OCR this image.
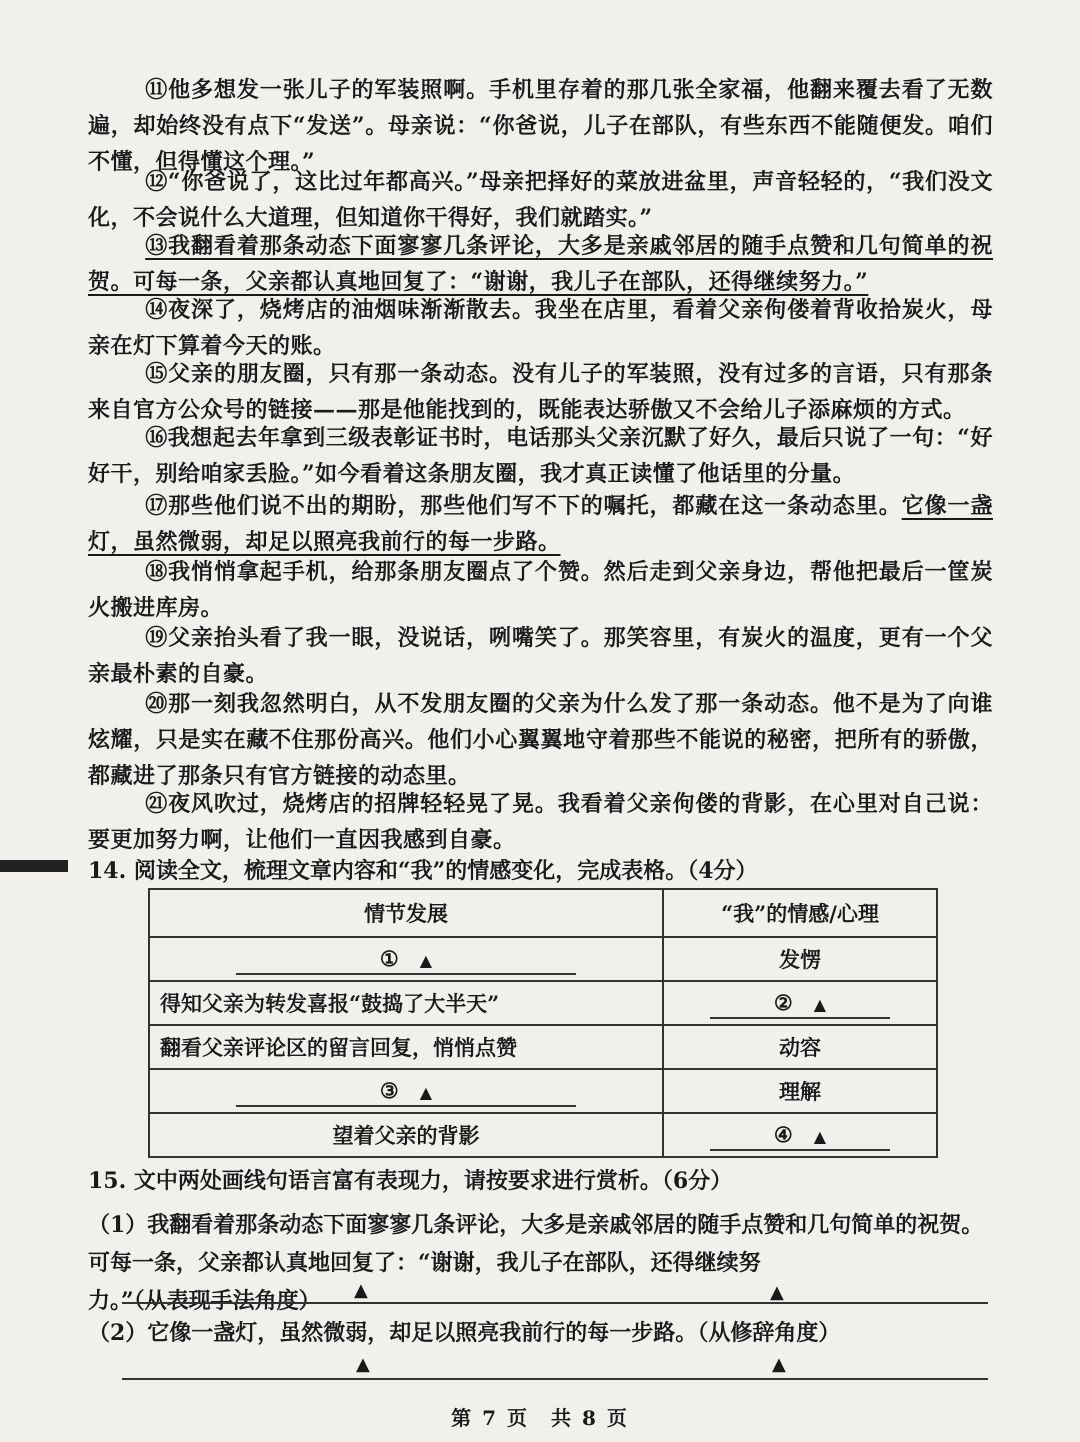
⑪他多想发一张儿子的军装照啊。手机里存着的那几张全家福，他翻来覆去看了无数遍，却始终没有点下“发送”。母亲说：“你爸说，儿子在部队，有些东西不能随便发。咱们不懂，但得懂这个理。”

⑫“你爸说了，这比过年都高兴。”母亲把择好的菜放进盆里，声音轻轻的，“我们没文化，不会说什么大道理，但知道你干得好，我们就踏实。”

⑬我翻看着那条动态下面寥寥几条评论，大多是亲戚邻居的随手点赞和几句简单的祝贺。可每一条，父亲都认真地回复了：“谢谢，我儿子在部队，还得继续努力。”

⑭夜深了，烧烤店的油烟味渐渐散去。我坐在店里，看着父亲佝偻着背收拾炭火，母亲在灯下算着今天的账。

⑮父亲的朋友圈，只有那一条动态。没有儿子的军装照，没有过多的言语，只有那条来自官方公众号的链接——那是他能找到的，既能表达骄傲又不会给儿子添麻烦的方式。

⑯我想起去年拿到三级表彰证书时，电话那头父亲沉默了好久，最后只说了一句：“好好干，别给咱家丢脸。”如今看着这条朋友圈，我才真正读懂了他话里的分量。

⑰那些他们说不出的期盼，那些他们写不下的嘱托，都藏在这一条动态里。它像一盏灯，虽然微弱，却足以照亮我前行的每一步路。

⑱我悄悄拿起手机，给那条朋友圈点了个赞。然后走到父亲身边，帮他把最后一筐炭火搬进库房。

⑲父亲抬头看了我一眼，没说话，咧嘴笑了。那笑容里，有炭火的温度，更有一个父亲最朴素的自豪。

⑳那一刻我忽然明白，从不发朋友圈的父亲为什么发了那一条动态。他不是为了向谁炫耀，只是实在藏不住那份高兴。他们小心翼翼地守着那些不能说的秘密，把所有的骄傲，都藏进了那条只有官方链接的动态里。

㉑夜风吹过，烧烤店的招牌轻轻晃了晃。我看着父亲佝偻的背影，在心里对自己说：要更加努力啊，让他们一直因我感到自豪。

14. 阅读全文，梳理文章内容和“我”的情感变化，完成表格。（4分）

情节发展	“我”的情感/心理
①　 ▲	发愣
得知父亲为转发喜报“鼓捣了大半天”	②　 ▲
翻看父亲评论区的留言回复，悄悄点赞	动容
③　 ▲	理解
望着父亲的背影	④　 ▲

15. 文中两处画线句语言富有表现力，请按要求进行赏析。（6分）

（1）我翻看着那条动态下面寥寥几条评论，大多是亲戚邻居的随手点赞和几句简单的祝贺。可每一条，父亲都认真地回复了：“谢谢，我儿子在部队，还得继续努力。”（从表现手法角度）	▲	▲

（2）它像一盏灯，虽然微弱，却足以照亮我前行的每一步路。（从修辞角度）

▲	▲
第 7 页　共 8 页
